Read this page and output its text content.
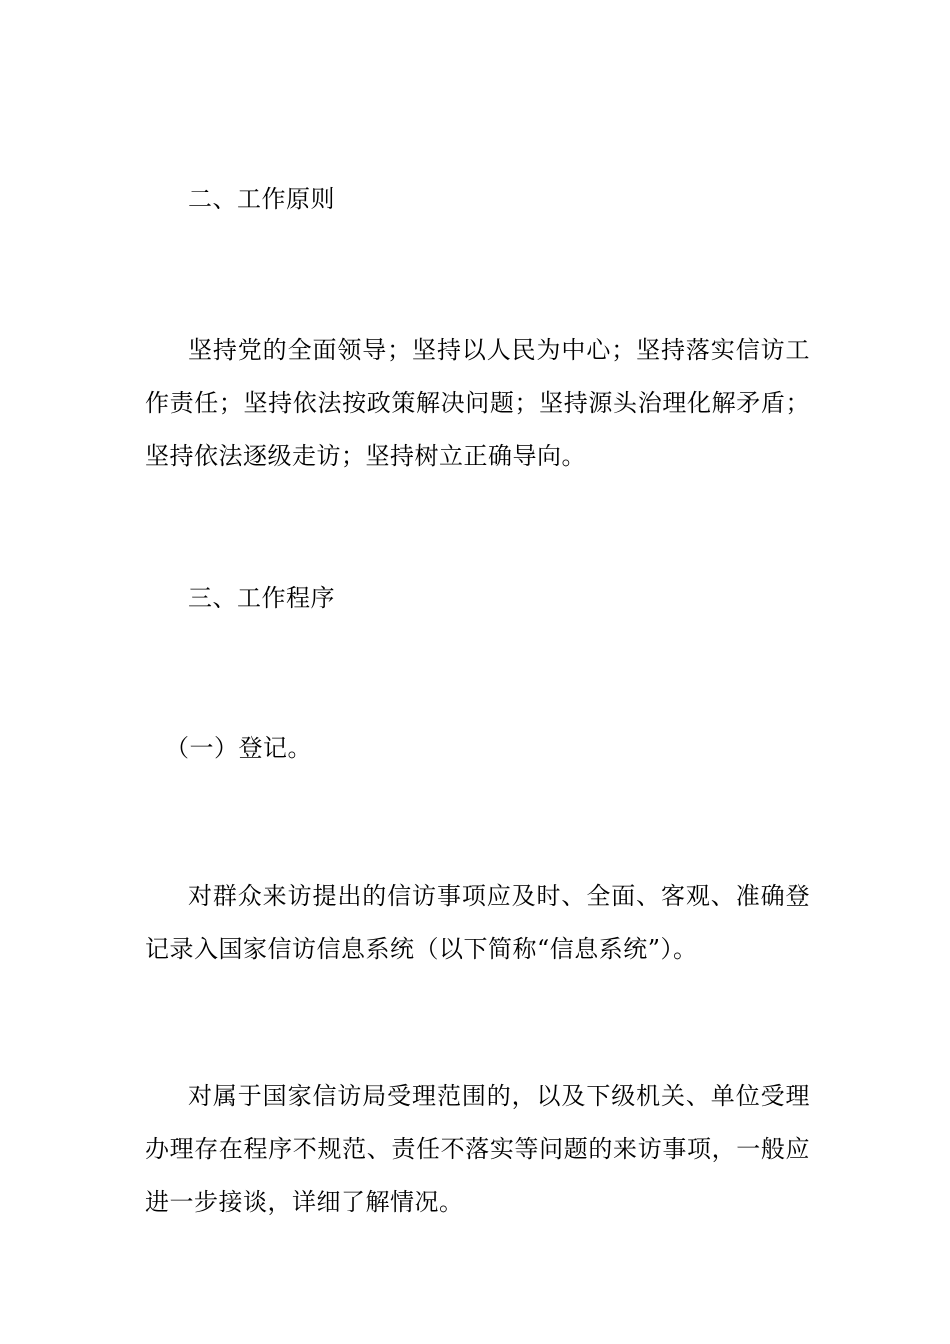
二、工作原则

坚持党的全面领导；坚持以人民为中心；坚持落实信访工作责任；坚持依法按政策解决问题；坚持源头治理化解矛盾；坚持依法逐级走访；坚持树立正确导向。

三、工作程序

（一）登记。

对群众来访提出的信访事项应及时、全面、客观、准确登记录入国家信访信息系统（以下简称“信息系统”）。

对属于国家信访局受理范围的，以及下级机关、单位受理办理存在程序不规范、责任不落实等问题的来访事项，一般应进一步接谈，详细了解情况。
